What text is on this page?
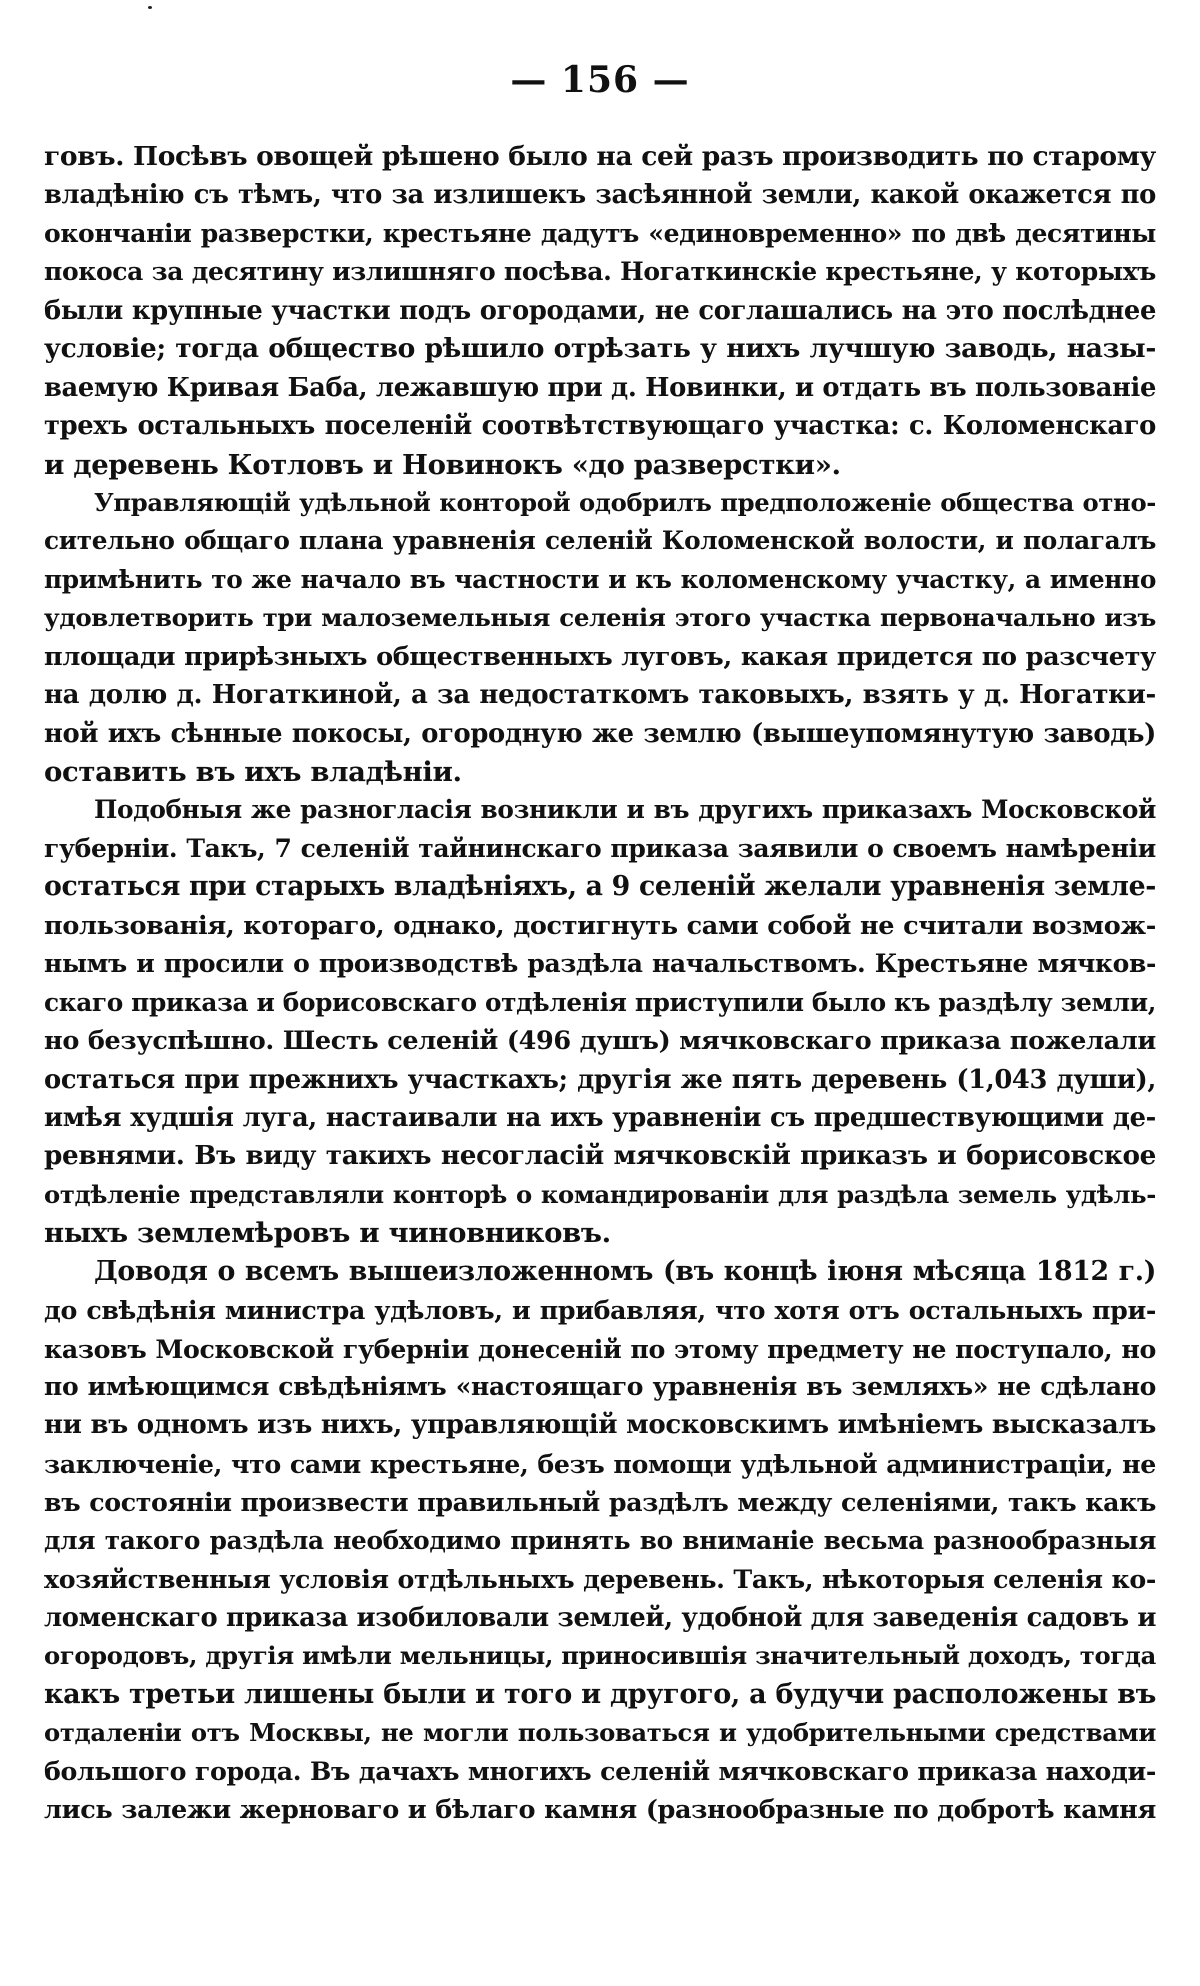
— 156 —
говъ. Посѣвъ овощей рѣшено было на сей разъ производить по старому
владѣнію съ тѣмъ, что за излишекъ засѣянной земли, какой окажется по
окончаніи разверстки, крестьяне дадутъ «единовременно» по двѣ десятины
покоса за десятину излишняго посѣва. Ногаткинскіе крестьяне, у которыхъ
были крупные участки подъ огородами, не соглашались на это послѣднее
условіе; тогда общество рѣшило отрѣзать у нихъ лучшую заводь, назы-
ваемую Кривая Баба, лежавшую при д. Новинки, и отдать въ пользованіе
трехъ остальныхъ поселеній соотвѣтствующаго участка: с. Коломенскаго
и деревень Котловъ и Новинокъ «до разверстки».
Управляющій удѣльной конторой одобрилъ предположеніе общества отно-
сительно общаго плана уравненія селеній Коломенской волости, и полагалъ
примѣнить то же начало въ частности и къ коломенскому участку, а именно
удовлетворить три малоземельныя селенія этого участка первоначально изъ
площади прирѣзныхъ общественныхъ луговъ, какая придется по разсчету
на долю д. Ногаткиной, а за недостаткомъ таковыхъ, взять у д. Ногатки-
ной ихъ сѣнные покосы, огородную же землю (вышеупомянутую заводь)
оставить въ ихъ владѣніи.
Подобныя же разногласія возникли и въ другихъ приказахъ Московской
губерніи. Такъ, 7 селеній тайнинскаго приказа заявили о своемъ намѣреніи
остаться при старыхъ владѣніяхъ, а 9 селеній желали уравненія земле-
пользованія, котораго, однако, достигнуть сами собой не считали возмож-
нымъ и просили о производствѣ раздѣла начальствомъ. Крестьяне мячков-
скаго приказа и борисовскаго отдѣленія приступили было къ раздѣлу земли,
но безуспѣшно. Шесть селеній (496 душъ) мячковскаго приказа пожелали
остаться при прежнихъ участкахъ; другія же пять деревень (1,043 души),
имѣя худшія луга, настаивали на ихъ уравненіи съ предшествующими де-
ревнями. Въ виду такихъ несогласій мячковскій приказъ и борисовское
отдѣленіе представляли конторѣ о командированіи для раздѣла земель удѣль-
ныхъ землемѣровъ и чиновниковъ.
Доводя о всемъ вышеизложенномъ (въ концѣ іюня мѣсяца 1812 г.)
до свѣдѣнія министра удѣловъ, и прибавляя, что хотя отъ остальныхъ при-
казовъ Московской губерніи донесеній по этому предмету не поступало, но
по имѣющимся свѣдѣніямъ «настоящаго уравненія въ земляхъ» не сдѣлано
ни въ одномъ изъ нихъ, управляющій московскимъ имѣніемъ высказалъ
заключеніе, что сами крестьяне, безъ помощи удѣльной администраціи, не
въ состояніи произвести правильный раздѣлъ между селеніями, такъ какъ
для такого раздѣла необходимо принять во вниманіе весьма разнообразныя
хозяйственныя условія отдѣльныхъ деревень. Такъ, нѣкоторыя селенія ко-
ломенскаго приказа изобиловали землей, удобной для заведенія садовъ и
огородовъ, другія имѣли мельницы, приносившія значительный доходъ, тогда
какъ третьи лишены были и того и другого, а будучи расположены въ
отдаленіи отъ Москвы, не могли пользоваться и удобрительными средствами
большого города. Въ дачахъ многихъ селеній мячковскаго приказа находи-
лись залежи жерноваго и бѣлаго камня (разнообразные по добротѣ камня
